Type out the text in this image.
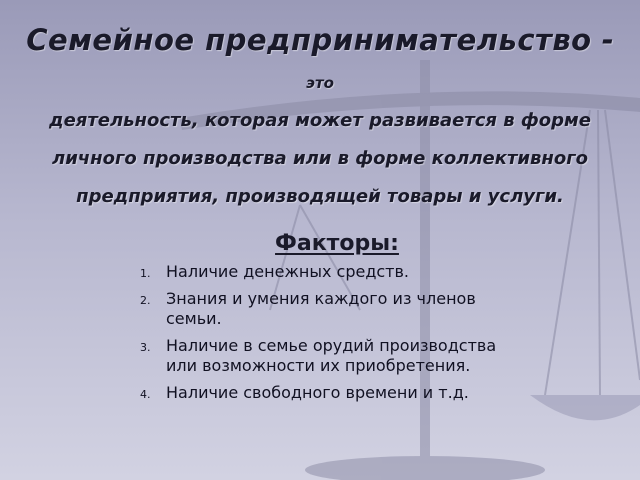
Семейное предпринимательство - это
деятельность, которая может развивается в форме личного производства или в форме коллективного предприятия, производящей товары и услуги.
Факторы:
1. Наличие денежных средств.
2. Знания и умения каждого из членов семьи.
3. Наличие в семье орудий производства или возможности их приобретения.
4. Наличие свободного времени и т.д.
